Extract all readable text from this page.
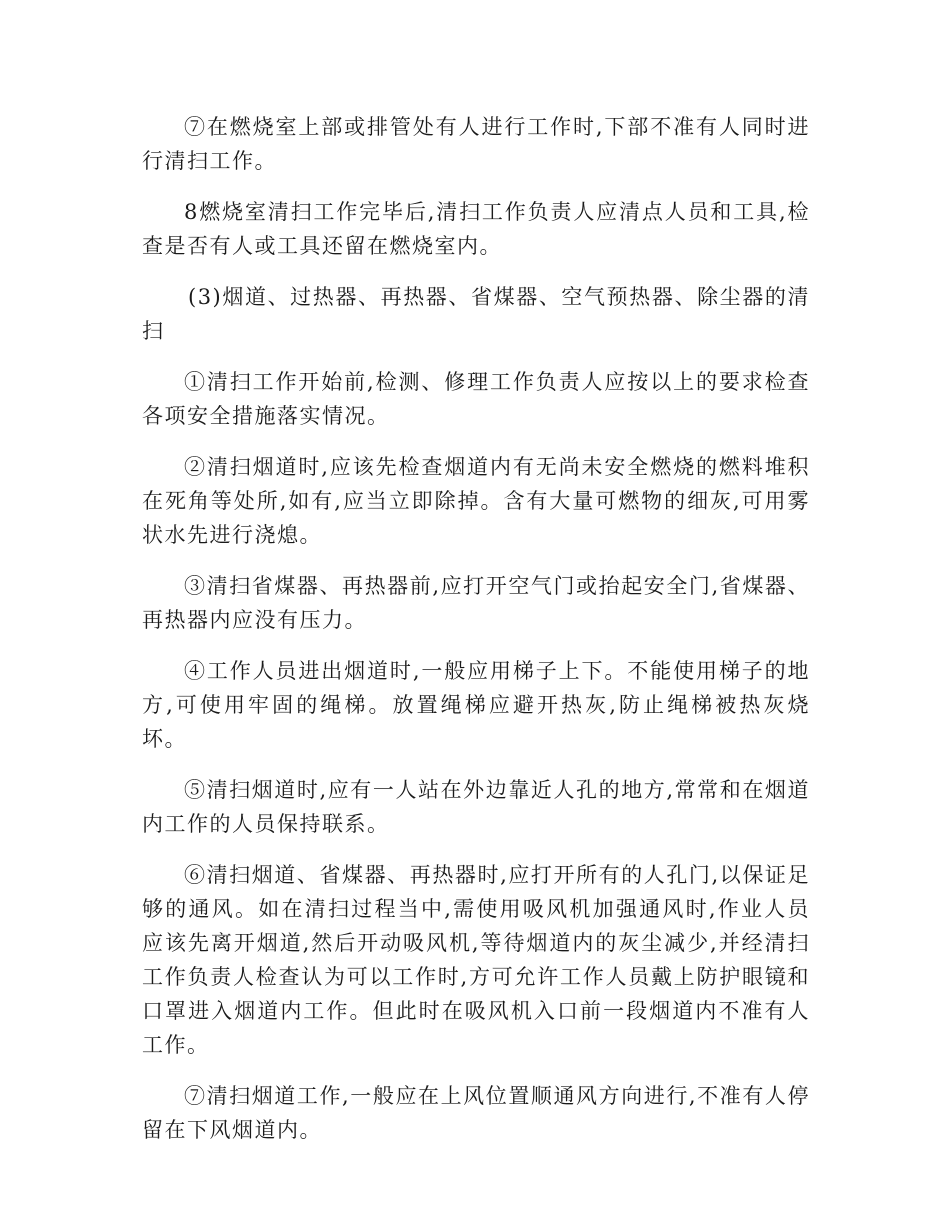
⑦在燃烧室上部或排管处有人进行工作时,下部不准有人同时进行清扫工作。

8燃烧室清扫工作完毕后,清扫工作负责人应清点人员和工具,检查是否有人或工具还留在燃烧室内。

(3)烟道、过热器、再热器、省煤器、空气预热器、除尘器的清扫

①清扫工作开始前,检测、修理工作负责人应按以上的要求检查各项安全措施落实情况。

②清扫烟道时,应该先检查烟道内有无尚未安全燃烧的燃料堆积在死角等处所,如有,应当立即除掉。含有大量可燃物的细灰,可用雾状水先进行浇熄。

③清扫省煤器、再热器前,应打开空气门或抬起安全门,省煤器、再热器内应没有压力。

④工作人员进出烟道时,一般应用梯子上下。不能使用梯子的地方,可使用牢固的绳梯。放置绳梯应避开热灰,防止绳梯被热灰烧坏。

⑤清扫烟道时,应有一人站在外边靠近人孔的地方,常常和在烟道内工作的人员保持联系。

⑥清扫烟道、省煤器、再热器时,应打开所有的人孔门,以保证足够的通风。如在清扫过程当中,需使用吸风机加强通风时,作业人员应该先离开烟道,然后开动吸风机,等待烟道内的灰尘减少,并经清扫工作负责人检查认为可以工作时,方可允许工作人员戴上防护眼镜和口罩进入烟道内工作。但此时在吸风机入口前一段烟道内不准有人工作。

⑦清扫烟道工作,一般应在上风位置顺通风方向进行,不准有人停留在下风烟道内。
